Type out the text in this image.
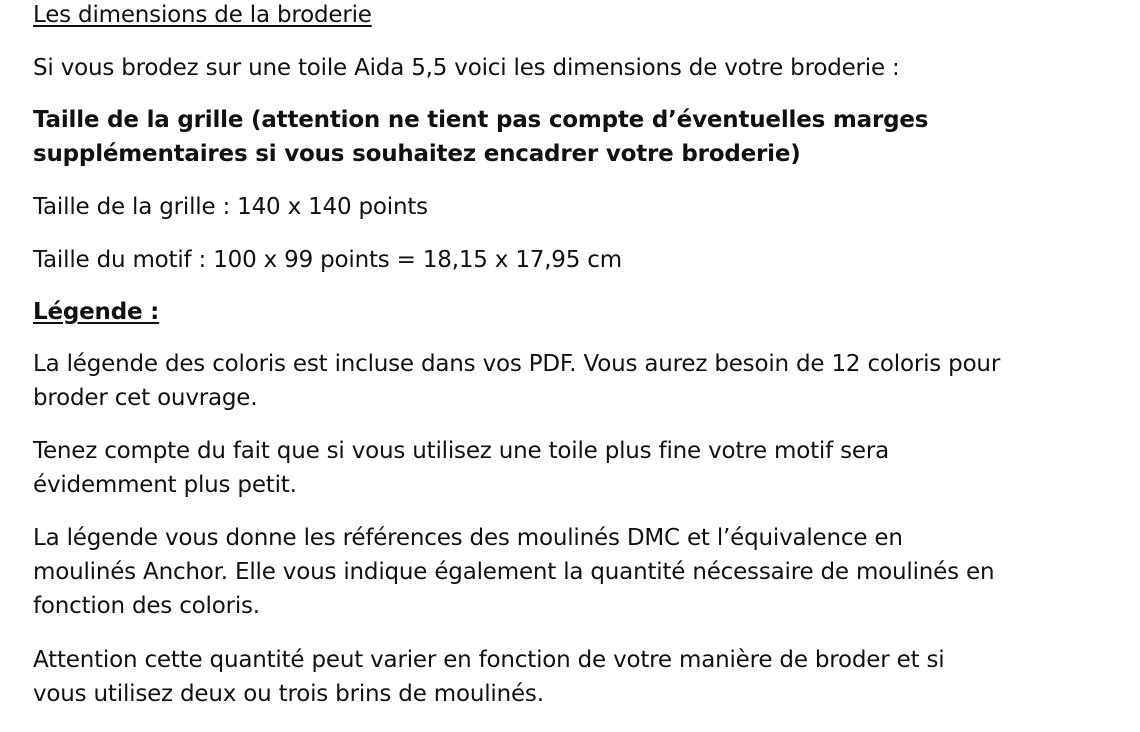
Les dimensions de la broderie

Si vous brodez sur une toile Aida 5,5 voici les dimensions de votre broderie :

Taille de la grille (attention ne tient pas compte d’éventuelles marges
supplémentaires si vous souhaitez encadrer votre broderie)

Taille de la grille : 140 x 140 points

Taille du motif : 100 x 99 points = 18,15 x 17,95 cm

Légende :

La légende des coloris est incluse dans vos PDF. Vous aurez besoin de 12 coloris pour
broder cet ouvrage.

Tenez compte du fait que si vous utilisez une toile plus fine votre motif sera
évidemment plus petit.

La légende vous donne les références des moulinés DMC et l’équivalence en
moulinés Anchor. Elle vous indique également la quantité nécessaire de moulinés en
fonction des coloris.

Attention cette quantité peut varier en fonction de votre manière de broder et si
vous utilisez deux ou trois brins de moulinés.
